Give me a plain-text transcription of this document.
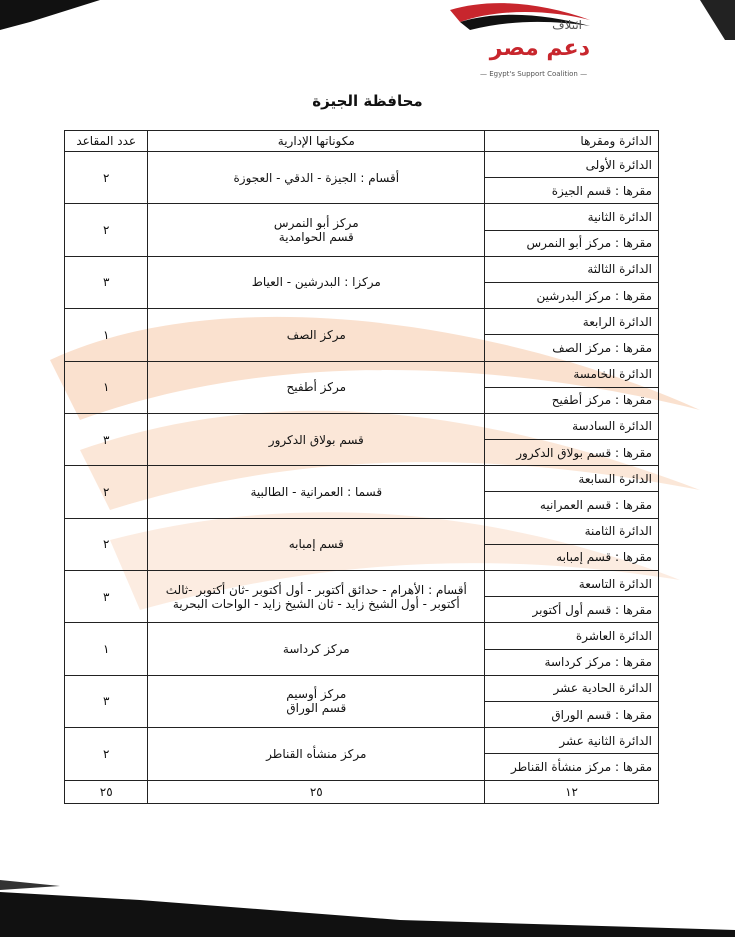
ائتلاف
دعم مصر
— Egypt's Support Coalition —
محافظة الجيزة
الدائرة ومقرها	مكوناتها الإدارية	عدد المقاعد
الدائرة الأولى	أقسام : الجيزة - الدقي - العجوزة	٢
مقرها : قسم الجيزة		
الدائرة الثانية	مركز أبو النمرس
قسم الحوامدية	٢
مقرها : مركز أبو النمرس		
الدائرة الثالثة	مركزا : البدرشين - العياط	٣
مقرها : مركز البدرشين		
الدائرة الرابعة	مركز الصف	١
مقرها : مركز الصف		
الدائرة الخامسة	مركز أطفيح	١
مقرها : مركز أطفيح		
الدائرة السادسة	قسم بولاق الدكرور	٣
مقرها : قسم بولاق الدكرور		
الدائرة السابعة	قسما : العمرانية - الطالبية	٢
مقرها : قسم العمرانيه		
الدائرة الثامنة	قسم إمبابه	٢
مقرها : قسم إمبابه		
الدائرة التاسعة	أقسام : الأهرام - حدائق أكتوبر - أول أكتوبر -ثان أكتوبر -ثالث
أكتوبر - أول الشيخ زايد - ثان الشيخ زايد - الواحات البحرية	٣
مقرها : قسم أول أكتوبر		
الدائرة العاشرة	مركز كرداسة	١
مقرها : مركز كرداسة		
الدائرة الحادية عشر	مركز أوسيم
قسم الوراق	٣
مقرها : قسم الوراق		
الدائرة الثانية عشر	مركز منشأه القناطر	٢
مقرها : مركز منشأة القناطر		
١٢	٢٥	٢٥
